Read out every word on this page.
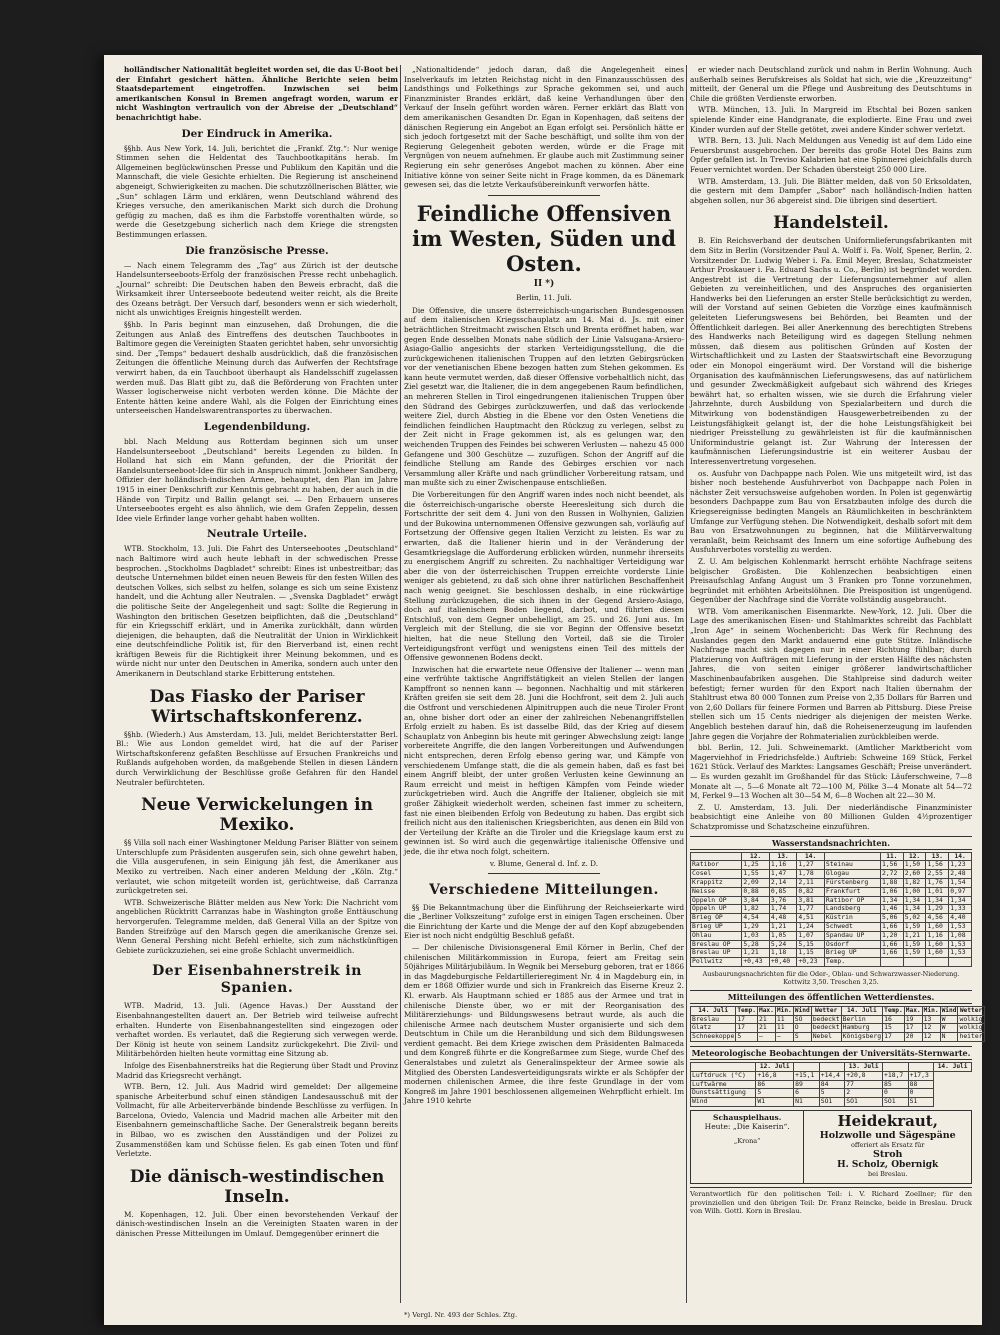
holländischer Nationalität begleitet worden sei, die das U-Boot bei der Einfahrt gesichert hätten. Ähnliche Berichte seien beim Staatsdepartement eingetroffen. Inzwischen sei beim amerikanischen Konsul in Bremen angefragt worden, warum er nicht Washington vertraulich von der Abreise der „Deutschland“ benachrichtigt habe.

Der Eindruck in Amerika.

§§hb. Aus New York, 14. Juli, berichtet die „Frankf. Ztg.“: Nur wenige Stimmen sehen die Heldentat des Tauchbootkapitäns herab. Im Allgemeinen beglückwünschen Presse und Publikum den Kapitän und die Mannschaft, die viele Gesichte erhielten. Die Regierung ist anscheinend abgeneigt, Schwierigkeiten zu machen. Die schutzzöllnerischen Blätter, wie „Sun“ schlagen Lärm und erklären, wenn Deutschland während des Krieges versuche, den amerikanischen Markt sich durch die Drohung gefügig zu machen, daß es ihm die Farbstoffe vorenthalten würde, so werde die Gesetzgebung sicherlich nach dem Kriege die strengsten Bestimmungen erlassen.

Die französische Presse.

— Nach einem Telegramm des „Tag“ aus Zürich ist der deutsche Handelsunterseeboots-Erfolg der französischen Presse recht unbehaglich. „Journal“ schreibt: Die Deutschen haben den Beweis erbracht, daß die Wirksamkeit ihrer Unterseeboote bedeutend weiter reicht, als die Breite des Ozeans beträgt. Der Versuch darf, besonders wenn er sich wiederholt, nicht als unwichtiges Ereignis hingestellt werden.

§§hb. In Paris beginnt man einzusehen, daß Drohungen, die die Zeitungen aus Anlaß des Eintreffens des deutschen Tauchbootes in Baltimore gegen die Vereinigten Staaten gerichtet haben, sehr unvorsichtig sind. Der „Temps“ bedauert deshalb ausdrücklich, daß die französischen Zeitungen die öffentliche Meinung durch das Aufwerfen der Rechtsfrage verwirrt haben, da ein Tauchboot überhaupt als Handelsschiff zugelassen werden muß. Das Blatt gibt zu, daß die Beförderung von Frachten unter Wasser logischerweise nicht verboten werden könne. Die Mächte der Entente hätten keine andere Wahl, als die Folgen der Einrichtung eines unterseeischen Handelswarentransportes zu überwachen.

Legendenbildung.

bbl. Nach Meldung aus Rotterdam beginnen sich um unser Handelsunterseeboot „Deutschland“ bereits Legenden zu bilden. In Holland hat sich ein Mann gefunden, der die Priorität der Handelsunterseeboot-Idee für sich in Anspruch nimmt. Jonkheer Sandberg, Offizier der holländisch-indischen Armee, behauptet, den Plan im Jahre 1915 in einer Denkschrift zur Kenntnis gebracht zu haben, der auch in die Hände von Tirpitz und Ballin gelangt sei. — Den Erbauern unseres Unterseebootes ergeht es also ähnlich, wie dem Grafen Zeppelin, dessen Idee viele Erfinder lange vorher gehabt haben wollten.

Neutrale Urteile.

WTB. Stockholm, 13. Juli. Die Fahrt des Unterseebootes „Deutschland“ nach Baltimore wird auch heute lebhaft in der schwedischen Presse besprochen. „Stockholms Dagbladet“ schreibt: Eines ist unbestreitbar; das deutsche Unternehmen bildet einen neuen Beweis für den festen Willen des deutschen Volkes, sich selbst zu helfen, solange es sich um seine Existenz handelt, und die Achtung aller Neutralen. — „Svenska Dagbladet“ erwägt die politische Seite der Angelegenheit und sagt: Sollte die Regierung in Washington den britischen Gesetzen beipflichten, daß die „Deutschland“ für ein Kriegsschiff erklärt, und in Amerika zurückhält, dann würden diejenigen, die behaupten, daß die Neutralität der Union in Wirklichkeit eine deutschfeindliche Politik ist, für den Bierverband ist, einen recht kräftigen Beweis für die Richtigkeit ihrer Meinung bekommen, und es würde nicht nur unter den Deutschen in Amerika, sondern auch unter den Amerikanern in Deutschland starke Erbitterung entstehen.

Das Fiasko der Pariser Wirtschaftskonferenz.

§§hb. (Wiederh.) Aus Amsterdam, 13. Juli, meldet Berichterstatter Berl. Bl.: Wie aus London gemeldet wird, hat die auf der Pariser Wirtschaftskonferenz gefaßten Beschlüsse auf Ersuchen Frankreichs und Rußlands aufgehoben worden, da maßgebende Stellen in diesen Ländern durch Verwirklichung der Beschlüsse große Gefahren für den Handel Neutraler befürchteten.

Neue Verwickelungen in Mexiko.

§§ Villa soll nach einer Washingtoner Meldung Pariser Blätter von seinem Unterschlupfe zum Präsidenten ausgerufen sein, sich ohne gewehrt haben, die Villa ausgerufenen, in sein Einigung jäh fest, die Amerikaner aus Mexiko zu vertreiben. Nach einer anderen Meldung der „Köln. Ztg.“ verlautet, wie schon mitgeteilt worden ist, gerüchtweise, daß Carranza zurückgetreten sei.

WTB. Schweizerische Blätter melden aus New York: Die Nachricht vom angeblichen Rücktritt Carranzas habe in Washington große Enttäuschung hervorgerufen. Telegramme melden, daß General Villa an der Spitze von Banden Streifzüge auf den Marsch gegen die amerikanische Grenze sei. Wenn General Pershing nicht Befehl erhielte, sich zum nächstkünftigen Gebiete zurückzuziehen, sei eine große Schlacht unvermeidlich.

Der Eisenbahnerstreik in Spanien.

WTB. Madrid, 13. Juli. (Agence Havas.) Der Ausstand der Eisenbahnangestellten dauert an. Der Betrieb wird teilweise aufrecht erhalten. Hunderte von Eisenbahnangestellten sind eingezogen oder verhaftet worden. Es verlautet, daß die Regierung sich verwegen werde. Der König ist heute von seinem Landsitz zurückgekehrt. Die Zivil- und Militärbehörden hielten heute vormittag eine Sitzung ab.

Infolge des Eisenbahnerstreiks hat die Regierung über Stadt und Provinz Madrid das Kriegsrecht verhängt.

WTB. Bern, 12. Juli. Aus Madrid wird gemeldet: Der allgemeine spanische Arbeiterbund schuf einen ständigen Landesausschuß mit der Vollmacht, für alle Arbeiterverbände bindende Beschlüsse zu verfügen. In Barcelona, Oviedo, Valencia und Madrid machen alle Arbeiter mit den Eisenbahnern gemeinschaftliche Sache. Der Generalstreik begann bereits in Bilbao, wo es zwischen den Ausständigen und der Polizei zu Zusammenstößen kam und Schüsse fielen. Es gab einen Toten und fünf Verletzte.

Die dänisch-westindischen Inseln.

M. Kopenhagen, 12. Juli. Über einen bevorstehenden Verkauf der dänisch-westindischen Inseln an die Vereinigten Staaten waren in der dänischen Presse Mitteilungen im Umlauf. Demgegenüber erinnert die

„Nationaltidende“ jedoch daran, daß die Angelegenheit eines Inselverkaufs im letzten Reichstag nicht in den Finanzausschüssen des Landsthings und Folkethings zur Sprache gekommen sei, und auch Finanzminister Brandes erklärt, daß keine Verhandlungen über den Verkauf der Inseln geführt worden wären. Ferner erklärt das Blatt von dem amerikanischen Gesandten Dr. Egan in Kopenhagen, daß seitens der dänischen Regierung ein Angebot an Egan erfolgt sei. Persönlich hätte er sich jedoch fortgesetzt mit der Sache beschäftigt, und sollte ihm von der Regierung Gelegenheit geboten werden, würde er die Frage mit Vergnügen von neuem aufnehmen. Er glaube auch mit Zustimmung seiner Regierung ein sehr generöses Angebot machen zu können. Aber eine Initiative könne von seiner Seite nicht in Frage kommen, da es Dänemark gewesen sei, das die letzte Verkaufsübereinkunft verworfen hätte.

Feindliche Offensiven im Westen, Süden und Osten.
II *)
Berlin, 11. Juli.

Die Offensive, die unsere österreichisch-ungarischen Bundesgenossen auf dem italienischen Kriegsschauplatz am 14. Mai d. Js. mit einer beträchtlichen Streitmacht zwischen Etsch und Brenta eröffnet haben, war gegen Ende desselben Monats nahe südlich der Linie Valsugana-Arsiero-Asiago-Gallio angesichts der starken Verteidigungsstellung, die die zurückgewichenen italienischen Truppen auf den letzten Gebirgsrücken vor der venetianischen Ebene bezogen hatten zum Stehen gekommen. Es kann heute vermutet werden, daß dieser Offensive vorbehaltlich nicht, das Ziel gesetzt war, die Italiener, die in dem angegebenen Raum befindlichen, an mehreren Stellen in Tirol eingedrungenen italienischen Truppen über den Südrand des Gebirges zurückzuwerfen, und daß das verlockende weitere Ziel, durch Abstieg in die Ebene vor den Osten Venetiens die feindlichen feindlichen Hauptmacht den Rückzug zu verlegen, selbst zu der Zeit nicht in Frage gekommen ist, als es gelungen war, den weichenden Truppen des Feindes bei schweren Verlusten — nahezu 45 000 Gefangene und 300 Geschütze — zuzufügen. Schon der Angriff auf die feindliche Stellung am Rande des Gebirges erschien vor nach Versammlung aller Kräfte und nach gründlicher Vorbereitung ratsam, und man mußte sich zu einer Zwischenpause entschließen.

Die Vorbereitungen für den Angriff waren indes noch nicht beendet, als die österreichisch-ungarische oberste Heeresleitung sich durch die Fortschritte der seit dem 4. Juni von den Russen in Wolhynien, Galizien und der Bukowina unternommenen Offensive gezwungen sah, vorläufig auf Fortsetzung der Offensive gegen Italien Verzicht zu leisten. Es war zu erwarten, daß die Italiener hierin und in der Veränderung der Gesamtkriegslage die Aufforderung erblicken würden, nunmehr ihrerseits zu energischem Angriff zu schreiten. Zu nachhaltiger Verteidigung war aber die von der österreichischen Truppen erreichte vorderste Linie weniger als gebietend, zu daß sich ohne ihrer natürlichen Beschaffenheit nach wenig geeignet. Sie beschlossen deshalb, in eine rückwärtige Stellung zurückzugehen, die sich ihnen in der Gegend Arsiero-Asiago, doch auf italienischem Boden liegend, darbot, und führten diesen Entschluß, von dem Gegner unbehelligt, am 25. und 26. Juni aus. Im Vergleich mit der Stellung, die sie vor Beginn der Offensive besetzt hielten, hat die neue Stellung den Vorteil, daß sie die Tiroler Verteidigungsfront verfügt und wenigstens einen Teil des mittels der Offensive gewonnenen Bodens deckt.

Inzwischen hat die erwartete neue Offensive der Italiener — wenn man eine verfrühte taktische Angriffstätigkeit an vielen Stellen der langen Kampffront so nennen kann — begonnen. Nachhaltig und mit stärkeren Kräften greifen sie seit dem 28. Juni die Hochfront, seit dem 2. Juli auch die Ostfront und verschiedenen Alpinitruppen auch die neue Tiroler Front an, ohne bisher dort oder an einer der zahlreichen Nebenangriffstellen Erfolg erzielt zu haben. Es ist dasselbe Bild, das der Krieg auf diesem Schauplatz von Anbeginn bis heute mit geringer Abwechslung zeigt: lange vorbereitete Angriffe, die den langen Vorbereitungen und Aufwendungen nicht entsprechen, deren Erfolg ebenso gering war, und Kämpfe von verschiedenem Umfange statt, die die als gemein haben, daß es fast bei einem Angriff bleibt, der unter großen Verlusten keine Gewinnung an Raum erreicht und meist in heftigen Kämpfen vom Feinde wieder zurückgetrieben wird. Auch die Angriffe der Italiener, obgleich sie mit großer Zähigkeit wiederholt werden, scheinen fast immer zu scheitern, fast nie einen bleibenden Erfolg von Bedeutung zu haben. Das ergibt sich freilich nicht aus den italienischen Kriegsberichten, aus denen ein Bild von der Verteilung der Kräfte an die Tiroler und die Kriegslage kaum erst zu gewinnen ist. So wird auch die gegenwärtige italienische Offensive und jede, die ihr etwa noch folgt, scheitern.

v. Blume, General d. Inf. z. D.
Verschiedene Mitteilungen.

§§ Die Bekanntmachung über die Einführung der Reichseierkarte wird die „Berliner Volkszeitung“ zufolge erst in einigen Tagen erscheinen. Über die Einrichtung der Karte und die Menge der auf den Kopf abzugebenden Eier ist noch nicht endgültig Beschluß gefaßt.

— Der chilenische Divisionsgeneral Emil Körner in Berlin, Chef der chilenischen Militärkommission in Europa, feiert am Freitag sein 50jähriges Militärjubiläum. In Wegnik bei Merseburg geboren, trat er 1866 in das Magdeburgische Feldartillerieregiment Nr. 4 in Magdeburg ein, in dem er 1868 Offizier wurde und sich in Frankreich das Eiserne Kreuz 2. Kl. erwarb. Als Hauptmann schied er 1885 aus der Armee und trat in chilenische Dienste über, wo er mit der Reorganisation des Militärerziehungs- und Bildungswesens betraut wurde, als auch die chilenische Armee nach deutschem Muster organisierte und sich dem Deutschtum in Chile um die Heranbildung und sich dem Bildungswesen verdient gemacht. Bei dem Kriege zwischen dem Präsidenten Balmaceda und dem Kongreß führte er die Kongreßarmee zum Siege, wurde Chef des Generalstabes und zuletzt als Generalinspekteur der Armee sowie als Mitglied des Obersten Landesverteidigungsrats wirkte er als Schöpfer der modernen chilenischen Armee, die ihre feste Grundlage in der vom Kongreß im Jahre 1901 beschlossenen allgemeinen Wehrpflicht erhielt. Im Jahre 1910 kehrte

*) Vergl. Nr. 493 der Schles. Ztg.

er wieder nach Deutschland zurück und nahm in Berlin Wohnung. Auch außerhalb seines Berufskreises als Soldat hat sich, wie die „Kreuzzeitung“ mitteilt, der General um die Pflege und Ausbreitung des Deutschtums in Chile die größten Verdienste erworben.

WTB. München, 13. Juli. In Margreid im Etschtal bei Bozen sanken spielende Kinder eine Handgranate, die explodierte. Eine Frau und zwei Kinder wurden auf der Stelle getötet, zwei andere Kinder schwer verletzt.

WTB. Bern, 13. Juli. Nach Meldungen aus Venedig ist auf dem Lido eine Feuersbrunst ausgebrochen. Der bereits das große Hotel Des Bains zum Opfer gefallen ist. In Treviso Kalabrien hat eine Spinnerei gleichfalls durch Feuer vernichtet worden. Der Schaden übersteigt 250 000 Lire.

WTB. Amsterdam, 13. Juli. Die Blätter melden, daß von 50 Erksoldaten, die gestern mit dem Dampfer „Sabor“ nach holländisch-Indien hatten abgehen sollen, nur 36 abgereist sind. Die übrigen sind desertiert.

Handelsteil.

B. Ein Reichsverband der deutschen Uniformlieferungsfabrikanten mit dem Sitz in Berlin (Vorsitzender Paul A. Wolff i. Fa. Wolf, Spener, Berlin, 2. Vorsitzender Dr. Ludwig Weber i. Fa. Emil Meyer, Breslau, Schatzmeister Arthur Proskauer i. Fa. Eduard Sachs u. Co., Berlin) ist begründet worden. Angestrebt ist die Vertretung der Lieferungsunternehmer auf allen Gebieten zu vereinheitlichen, und des Anspruches des organisierten Handwerks bei den Lieferungen an erster Stelle berücksichtigt zu werden, will der Vorstand auf seinen Gebieten die Vorzüge eines kaufmännisch geleiteten Lieferungswesens bei Behörden, bei Beamten und der Öffentlichkeit darlegen. Bei aller Anerkennung des berechtigten Strebens des Handwerks nach Beteiligung wird es dagegen Stellung nehmen müssen, daß diesem aus politischen Gründen auf Kosten der Wirtschaftlichkeit und zu Lasten der Staatswirtschaft eine Bevorzugung oder ein Monopol eingeräumt wird. Der Vorstand will die bisherige Organisation des kaufmännischen Lieferungswesens, das auf natürlichem und gesunder Zweckmäßigkeit aufgebaut sich während des Krieges bewährt hat, so erhalten wissen, wie sie durch die Erfahrung vieler Jahrzehnte, durch Ausbildung von Spezialarbeitern und durch die Mitwirkung von bodenständigen Hausgewerbetreibenden zu der Leistungsfähigkeit gelangt ist, der die hohe Leistungsfähigkeit bei niedriger Preisstellung zu gewährleisten ist für die kaufmännischen Uniformindustrie gelangt ist. Zur Wahrung der Interessen der kaufmännischen Lieferungsindustrie ist ein weiterer Ausbau der Interessenvertretung vorgesehen.

os. Ausfuhr von Dachpappe nach Polen. Wie uns mitgeteilt wird, ist das bisher noch bestehende Ausfuhrverbot von Dachpappe nach Polen in nächster Zeit versuchsweise aufgehoben worden. In Polen ist gegenwärtig besonders Dachpappe zum Bau von Ersatzbauten infolge des durch die Kriegsereignisse bedingten Mangels an Räumlichkeiten in beschränktem Umfange zur Verfügung stehen. Die Notwendigkeit, deshalb sofort mit dem Bau von Ersatzwohnungen zu beginnen, hat die Militärverwaltung veranlaßt, beim Reichsamt des Innern um eine sofortige Aufhebung des Ausfuhrverbotes vorstellig zu werden.

Z. U. Am belgischen Kohlenmarkt herrscht erhöhte Nachfrage seitens belgischer Großisten. Die Kohlenzechen beabsichtigen einen Preisaufschlag Anfang August um 3 Franken pro Tonne vorzunehmen, begründet mit erhöhten Arbeitslöhnen. Die Preisposition ist ungenügend. Gegenüber der Nachfrage sind die Vorräte vollständig ausgebraucht.

WTB. Vom amerikanischen Eisenmarkte. New-York, 12. Juli. Über die Lage des amerikanischen Eisen- und Stahlmarktes schreibt das Fachblatt „Iron Age“ in seinem Wochenbericht: Das Werk für Rechnung des Auslandes gegen den Markt andauernd eine gute Stütze. Inländische Nachfrage macht sich dagegen nur in einer Richtung fühlbar; durch Platzierung von Aufträgen mit Lieferung in der ersten Hälfte des nächsten Jahres, die von seiten einiger größerer landwirtschaftlicher Maschinenbaufabriken ausgehen. Die Stahlpreise sind dadurch weiter befestigt; ferner wurden für den Export nach Italien übernahm der Stahltrust etwa 80 000 Tonnen zum Preise von 2,35 Dollars für Barren und von 2,60 Dollars für feinere Formen und Barren ab Pittsburg. Diese Preise stellen sich um 15 Cents niedriger als diejenigen der meisten Werke. Angeblich bestehen darauf hin, daß die Roheisenerzeugung im laufenden Jahre gegen die Vorjahre der Rohmaterialien zurückbleiben werde.

bbl. Berlin, 12. Juli. Schweinemarkt. (Amtlicher Marktbericht vom Magerviehhof in Friedrichsfelde.) Auftrieb: Schweine 169 Stück, Ferkel 1621 Stück. Verlauf des Marktes: Langsames Geschäft; Preise unverändert. — Es wurden gezahlt im Großhandel für das Stück: Läuferschweine, 7—8 Monate alt —, 5—6 Monate alt 72—100 M, Pölke 3—4 Monate alt 54—72 M, Ferkel 9—13 Wochen alt 30—54 M, 6—8 Wochen alt 22—30 M.

Z. U. Amsterdam, 13. Juli. Der niederländische Finanzminister beabsichtigt eine Anleihe von 80 Millionen Gulden 4½prozentiger Schatzpromisse und Schatzscheine einzuführen.

Wasserstandsnachrichten.
	12.	13.	14.		11.	12.	13.	14.
Ratibor	1,25	1,16	1,27	Steinau	1,56	1,50	1,56	1,23
Cosel	1,55	1,47	1,78	Glogau	2,72	2,60	2,55	2,48
Krappitz	2,09	2,14	2,11	Fürstenberg	1,88	1,82	1,76	1,54
Neisse	0,88	0,85	0,82	Frankfurt	1,06	1,00	1,01	0,97
Oppeln OP	3,84	3,76	3,81	Ratibor OP	1,34	1,34	1,34	1,34
Oppeln UP	1,82	1,74	1,77	Landsberg	1,46	1,34	1,29	1,33
Brieg OP	4,54	4,48	4,51	Küstrin	5,06	5,02	4,56	4,40
Brieg UP	1,29	1,21	1,24	Schwedt	1,66	1,59	1,60	1,53
Ohlau	1,03	1,05	1,07	Spandau UP	1,20	1,21	1,16	1,08
Breslau OP	5,28	5,24	5,15	Osdorf	1,66	1,59	1,60	1,53
Breslau UP	1,21	1,18	1,15	Brieg UP	1,66	1,59	1,60	1,53
Pollwitz	+0,43	+0,40	+0,23	Temp.				
Ausbaurungsnachrichten für die Oder-, Oblau- und Schwarzwasser-Niederung. Kottwitz 3,50. Treschen 3,25.
Mitteilungen des öffentlichen Wetterdienstes.
14. Juli	Temp.	Max.	Min.	Wind	Wetter	14. Juli	Temp.	Max.	Min.	Wind	Wetter
Breslau	17	21	11	SO	bedeckt	Berlin	16	19	13	W	wolkig
Glatz	17	21	11	O	bedeckt	Hamburg	15	17	12	W	wolkig
Schneekoppe	5	—	—	S	Nebel	Königsberg	17	20	12	N	heiter
Meteorologische Beobachtungen der Universitäts-Sternwarte.
	12. Juli			13. Juli			14. Juli
Luftdruck (°C)	+16,8	+15,1	+14,4	+20,8	+18,7	+17,3	
Luftwärme	86	89	84	77	85	88	
Dunstsättigung	5	6	5	2	0	0	
Wind	W1	N1	SO1	SO1	SO1	S1	
Schauspielhaus.
Heute: „Die Kaiserin“.
„Krona“
Heidekraut,
Holzwolle und Sägespäne
offeriert als Ersatz für
Stroh
H. Scholz, Obernigk
bei Breslau.
Verantwortlich für den politischen Teil: i. V. Richard Zoellner; für den provinziellen und den übrigen Teil: Dr. Franz Reincke, beide in Breslau. Druck von Wilh. Gottl. Korn in Breslau.
